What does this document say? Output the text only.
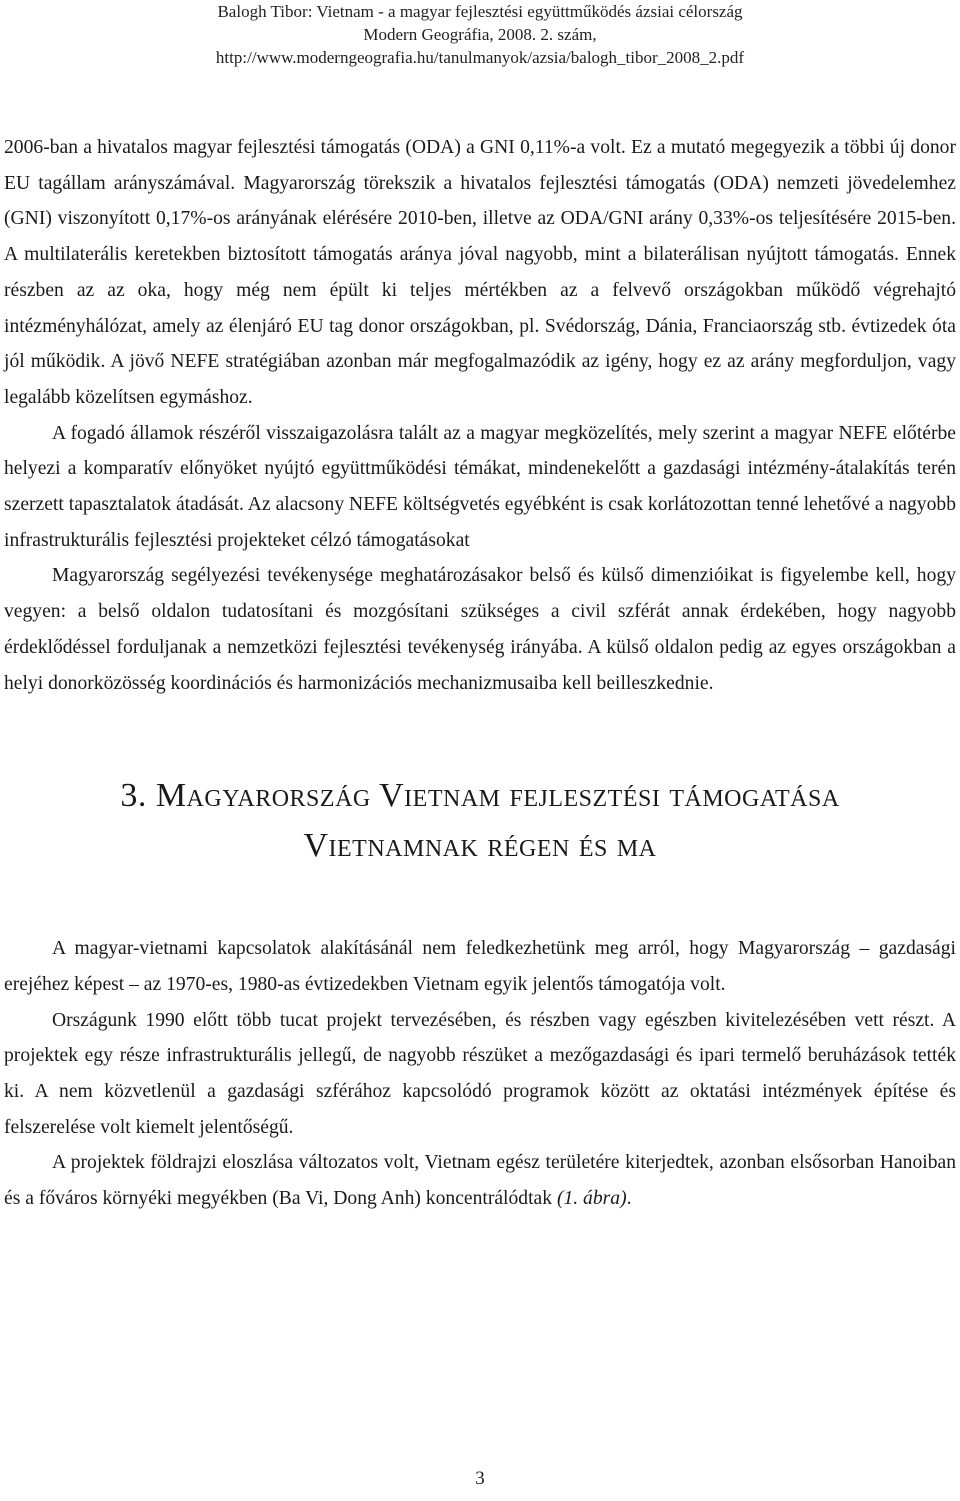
Balogh Tibor: Vietnam - a magyar fejlesztési együttműködés ázsiai célország
Modern Geográfia, 2008. 2. szám,
http://www.moderngeografia.hu/tanulmanyok/azsia/balogh_tibor_2008_2.pdf

2006-ban a hivatalos magyar fejlesztési támogatás (ODA) a GNI 0,11%-a volt. Ez a mutató megegyezik a többi új donor EU tagállam arányszámával. Magyarország törekszik a hivatalos fejlesztési támogatás (ODA) nemzeti jövedelemhez (GNI) viszonyított 0,17%-os arányának elérésére 2010-ben, illetve az ODA/GNI arány 0,33%-os teljesítésére 2015-ben. A multilaterális keretekben biztosított támogatás aránya jóval nagyobb, mint a bilaterálisan nyújtott támogatás. Ennek részben az az oka, hogy még nem épült ki teljes mértékben az a felvevő országokban működő végrehajtó intézményhálózat, amely az élenjáró EU tag donor országokban, pl. Svédország, Dánia, Franciaország stb. évtizedek óta jól működik. A jövő NEFE stratégiában azonban már megfogalmazódik az igény, hogy ez az arány megforduljon, vagy legalább közelítsen egymáshoz.

A fogadó államok részéről visszaigazolásra talált az a magyar megközelítés, mely szerint a magyar NEFE előtérbe helyezi a komparatív előnyöket nyújtó együttműködési témákat, mindenekelőtt a gazdasági intézmény-átalakítás terén szerzett tapasztalatok átadását. Az alacsony NEFE költségvetés egyébként is csak korlátozottan tenné lehetővé a nagyobb infrastrukturális fejlesztési projekteket célzó támogatásokat

Magyarország segélyezési tevékenysége meghatározásakor belső és külső dimenzióikat is figyelembe kell, hogy vegyen: a belső oldalon tudatosítani és mozgósítani szükséges a civil szférát annak érdekében, hogy nagyobb érdeklődéssel forduljanak a nemzetközi fejlesztési tevékenység irányába. A külső oldalon pedig az egyes országokban a helyi donorközösség koordinációs és harmonizációs mechanizmusaiba kell beilleszkednie.

3. Magyarország Vietnam fejlesztési támogatása
Vietnamnak régen és ma

A magyar-vietnami kapcsolatok alakításánál nem feledkezhetünk meg arról, hogy Magyarország – gazdasági erejéhez képest – az 1970-es, 1980-as évtizedekben Vietnam egyik jelentős támogatója volt.

Országunk 1990 előtt több tucat projekt tervezésében, és részben vagy egészben kivitelezésében vett részt. A projektek egy része infrastrukturális jellegű, de nagyobb részüket a mezőgazdasági és ipari termelő beruházások tették ki. A nem közvetlenül a gazdasági szférához kapcsolódó programok között az oktatási intézmények építése és felszerelése volt kiemelt jelentőségű.

A projektek földrajzi eloszlása változatos volt, Vietnam egész területére kiterjedtek, azonban elsősorban Hanoiban és a főváros környéki megyékben (Ba Vi, Dong Anh) koncentrálódtak (1. ábra).

3
